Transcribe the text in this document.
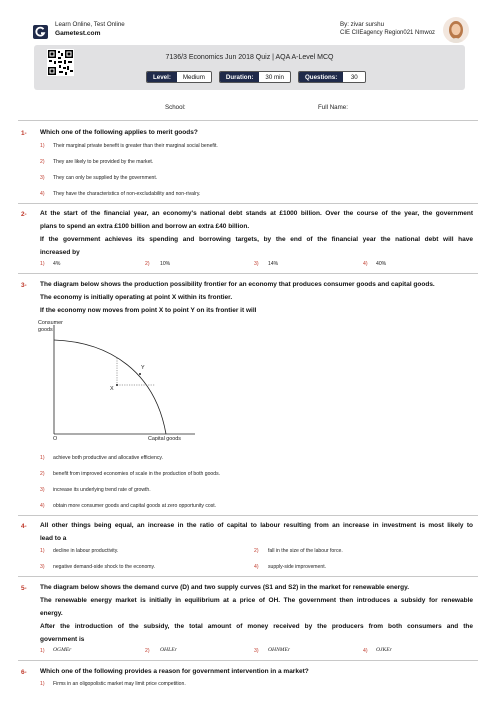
Learn Online, Test Online
Gametest.com
By: zivar surshu
CIE CIIEagency Region021 Nmwoz
7136/3 Economics Jun 2018 Quiz | AQA A-Level MCQ
Level:	Medium	Duration:	30 min	Questions:	30
School:	Full Name:
1- Which one of the following applies to merit goods?
1) Their marginal private benefit is greater than their marginal social benefit.
2) They are likely to be provided by the market.
3) They can only be supplied by the government.
4) They have the characteristics of non-excludability and non-rivalry.
2- At the start of the financial year, an economy's national debt stands at £1000 billion. Over the course of the year, the government
plans to spend an extra £100 billion and borrow an extra £40 billion.
If the government achieves its spending and borrowing targets, by the end of the financial year the national debt will have
increased by
1) 4%	2) 10%	3) 14%	4) 40%
3- The diagram below shows the production possibility frontier for an economy that produces consumer goods and capital goods.
The economy is initially operating at point X within its frontier.
If the economy now moves from point X to point Y on its frontier it will
Consumer
goods
O	Capital goods
X
Y
1) achieve both productive and allocative efficiency.
2) benefit from improved economies of scale in the production of both goods.
3) increase its underlying trend rate of growth.
4) obtain more consumer goods and capital goods at zero opportunity cost.
4- All other things being equal, an increase in the ratio of capital to labour resulting from an increase in investment is most likely to
lead to a
1) decline in labour productivity.	2) fall in the size of the labour force.
3) negative demand-side shock to the economy.	4) supply-side improvement.
5- The diagram below shows the demand curve (D) and two supply curves (S1 and S2) in the market for renewable energy.
The renewable energy market is initially in equilibrium at a price of OH. The government then introduces a subsidy for renewable
energy.
After the introduction of the subsidy, the total amount of money received by the producers from both consumers and the
government is
1) OGMEr	2) OHLEr	3) OHNMEr	4) OJKEr
6- Which one of the following provides a reason for government intervention in a market?
1) Firms in an oligopolistic market may limit price competition.
